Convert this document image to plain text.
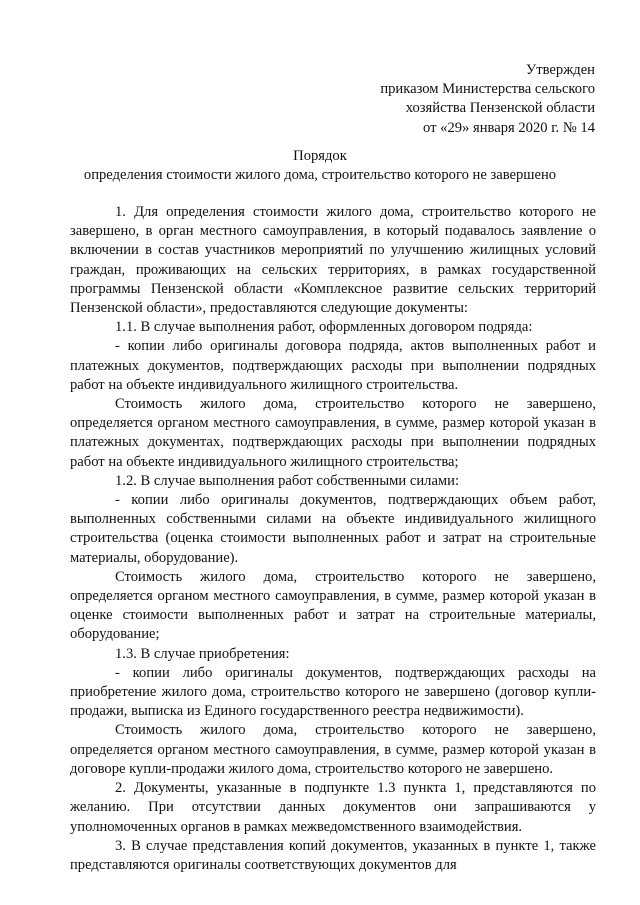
Утвержден
приказом Министерства сельского
хозяйства Пензенской области
от «29» января 2020 г. № 14
Порядок
определения стоимости жилого дома, строительство которого не завершено

1. Для определения стоимости жилого дома, строительство которого не завершено, в орган местного самоуправления, в который подавалось заявление о включении в состав участников мероприятий по улучшению жилищных условий граждан, проживающих на сельских территориях, в рамках государственной программы Пензенской области «Комплексное развитие сельских территорий Пензенской области», предоставляются следующие документы:

1.1. В случае выполнения работ, оформленных договором подряда:

- копии либо оригиналы договора подряда, актов выполненных работ и платежных документов, подтверждающих расходы при выполнении подрядных работ на объекте индивидуального жилищного строительства.

Стоимость жилого дома, строительство которого не завершено, определяется органом местного самоуправления, в сумме, размер которой указан в платежных документах, подтверждающих расходы при выполнении подрядных работ на объекте индивидуального жилищного строительства;

1.2. В случае выполнения работ собственными силами:

- копии либо оригиналы документов, подтверждающих объем работ, выполненных собственными силами на объекте индивидуального жилищного строительства (оценка стоимости выполненных работ и затрат на строительные материалы, оборудование).

Стоимость жилого дома, строительство которого не завершено, определяется органом местного самоуправления, в сумме, размер которой указан в оценке стоимости выполненных работ и затрат на строительные материалы, оборудование;

1.3. В случае приобретения:

- копии либо оригиналы документов, подтверждающих расходы на приобретение жилого дома, строительство которого не завершено (договор купли-продажи, выписка из Единого государственного реестра недвижимости).

Стоимость жилого дома, строительство которого не завершено, определяется органом местного самоуправления, в сумме, размер которой указан в договоре купли-продажи жилого дома, строительство которого не завершено.

2. Документы, указанные в подпункте 1.3 пункта 1, представляются по желанию. При отсутствии данных документов они запрашиваются у уполномоченных органов в рамках межведомственного взаимодействия.

3. В случае представления копий документов, указанных в пункте 1, также представляются оригиналы соответствующих документов для
